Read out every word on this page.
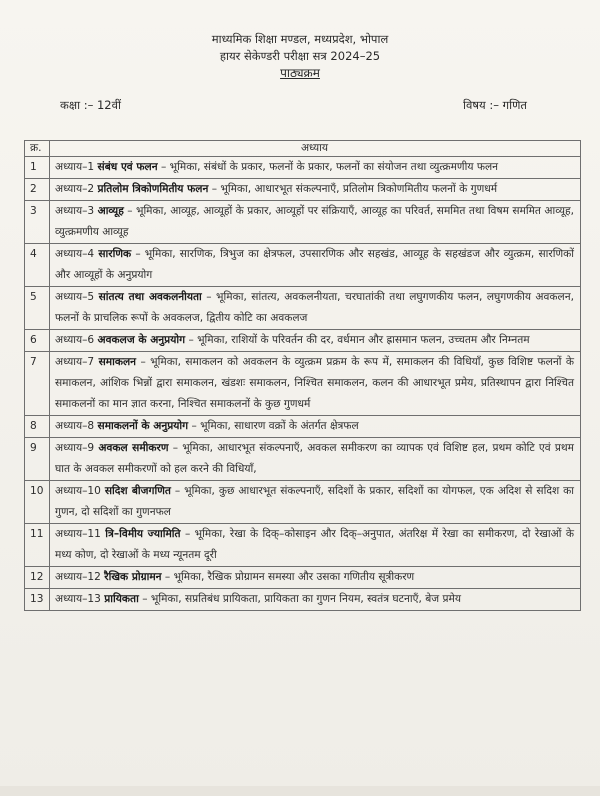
माध्यमिक शिक्षा मण्डल, मध्यप्रदेश, भोपाल
हायर सेकेण्डरी परीक्षा सत्र 2024–25
पाठ्यक्रम
कक्षा :– 12वीं	विषय :– गणित
क्र.	अध्याय
1	अध्याय–1 संबंध एवं फलन – भूमिका, संबंधों के प्रकार, फलनों के प्रकार, फलनों का संयोजन तथा व्युत्क्रमणीय फलन
2	अध्याय–2 प्रतिलोम त्रिकोणमितीय फलन – भूमिका, आधारभूत संकल्पनाएँ, प्रतिलोम त्रिकोणमितीय फलनों के गुणधर्म
3	अध्याय–3 आव्यूह – भूमिका, आव्यूह, आव्यूहों के प्रकार, आव्यूहों पर संक्रियाएँ, आव्यूह का परिवर्त, सममित तथा विषम सममित आव्यूह, व्युत्क्रमणीय आव्यूह
4	अध्याय–4 सारणिक – भूमिका, सारणिक, त्रिभुज का क्षेत्रफल, उपसारणिक और सहखंड, आव्यूह के सहखंडज और व्युत्क्रम, सारणिकों और आव्यूहों के अनुप्रयोग
5	अध्याय–5 सांतत्य तथा अवकलनीयता – भूमिका, सांतत्य, अवकलनीयता, चरघातांकी तथा लघुगणकीय फलन, लघुगणकीय अवकलन, फलनों के प्राचलिक रूपों के अवकलज, द्वितीय कोटि का अवकलज
6	अध्याय–6 अवकलज के अनुप्रयोग – भूमिका, राशियों के परिवर्तन की दर, वर्धमान और ह्रासमान फलन, उच्चतम और निम्नतम
7	अध्याय–7 समाकलन – भूमिका, समाकलन को अवकलन के व्युत्क्रम प्रक्रम के रूप में, समाकलन की विधियाँ, कुछ विशिष्ट फलनों के समाकलन, आंशिक भिन्नों द्वारा समाकलन, खंडशः समाकलन, निश्चित समाकलन, कलन की आधारभूत प्रमेय, प्रतिस्थापन द्वारा निश्चित समाकलनों का मान ज्ञात करना, निश्चित समाकलनों के कुछ गुणधर्म
8	अध्याय–8 समाकलनों के अनुप्रयोग – भूमिका, साधारण वक्रों के अंतर्गत क्षेत्रफल
9	अध्याय–9 अवकल समीकरण – भूमिका, आधारभूत संकल्पनाएँ, अवकल समीकरण का व्यापक एवं विशिष्ट हल, प्रथम कोटि एवं प्रथम घात के अवकल समीकरणों को हल करने की विधियाँ,
10	अध्याय–10 सदिश बीजगणित – भूमिका, कुछ आधारभूत संकल्पनाएँ, सदिशों के प्रकार, सदिशों का योगफल, एक अदिश से सदिश का गुणन, दो सदिशों का गुणनफल
11	अध्याय–11 त्रि–विमीय ज्यामिति – भूमिका, रेखा के दिक्–कोसाइन और दिक्–अनुपात, अंतरिक्ष में रेखा का समीकरण, दो रेखाओं के मध्य कोण, दो रेखाओं के मध्य न्यूनतम दूरी
12	अध्याय–12 रैखिक प्रोग्रामन – भूमिका, रैखिक प्रोग्रामन समस्या और उसका गणितीय सूत्रीकरण
13	अध्याय–13 प्रायिकता – भूमिका, सप्रतिबंध प्रायिकता, प्रायिकता का गुणन नियम, स्वतंत्र घटनाएँ, बेज प्रमेय
